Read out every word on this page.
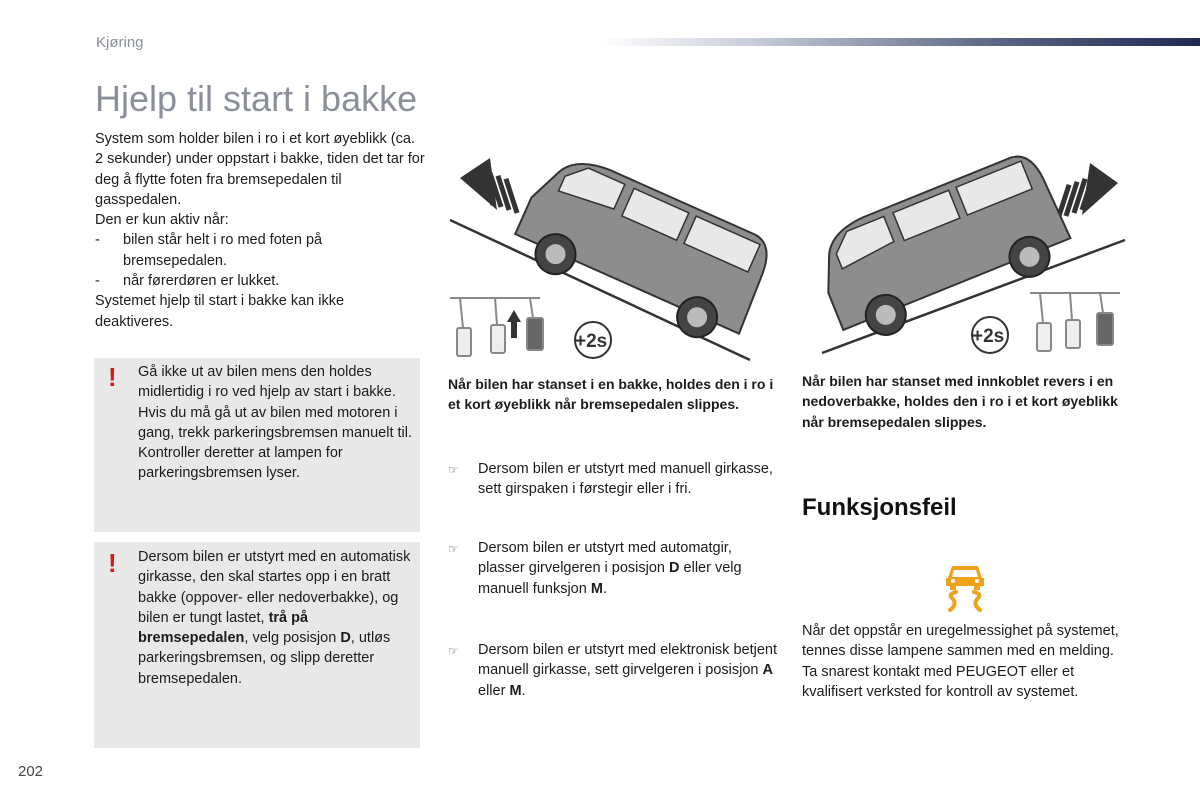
Kjøring
Hjelp til start i bakke

System som holder bilen i ro i et kort øyeblikk (ca. 2 sekunder) under oppstart i bakke, tiden det tar for deg å flytte foten fra bremsepedalen til gasspedalen.

Den er kun aktiv når:

- bilen står helt i ro med foten på bremsepedalen.
- når førerdøren er lukket.

Systemet hjelp til start i bakke kan ikke deaktiveres.

! Gå ikke ut av bilen mens den holdes midlertidig i ro ved hjelp av start i bakke. Hvis du må gå ut av bilen med motoren i gang, trekk parkeringsbremsen manuelt til. Kontroller deretter at lampen for parkeringsbremsen lyser.
! Dersom bilen er utstyrt med en automatisk girkasse, den skal startes opp i en bratt bakke (oppover- eller nedoverbakke), og bilen er tungt lastet, trå på bremsepedalen, velg posisjon D, utløs parkeringsbremsen, og slipp deretter bremsepedalen.
+2s	+2s
Når bilen har stanset i en bakke, holdes den i ro i et kort øyeblikk når bremsepedalen slippes.
Når bilen har stanset med innkoblet revers i en nedoverbakke, holdes den i ro i et kort øyeblikk når bremsepedalen slippes.
☞ Dersom bilen er utstyrt med manuell girkasse, sett girspaken i førstegir eller i fri.
☞ Dersom bilen er utstyrt med automatgir, plasser girvelgeren i posisjon D eller velg manuell funksjon M.
☞ Dersom bilen er utstyrt med elektronisk betjent manuell girkasse, sett girvelgeren i posisjon A eller M.
Funksjonsfeil
Når det oppstår en uregelmessighet på systemet, tennes disse lampene sammen med en melding. Ta snarest kontakt med PEUGEOT eller et kvalifisert verksted for kontroll av systemet.
202
